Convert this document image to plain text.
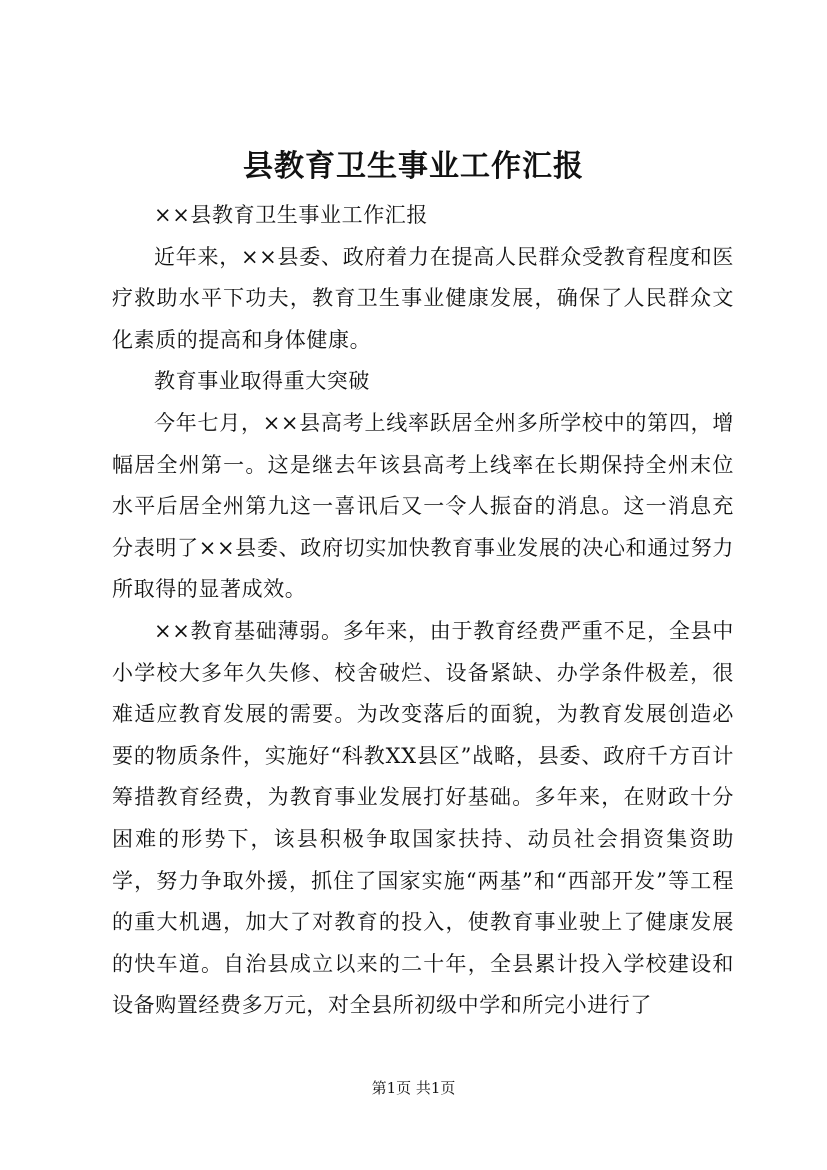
县教育卫生事业工作汇报

××县教育卫生事业工作汇报

近年来，××县委、政府着力在提高人民群众受教育程度和医疗救助水平下功夫，教育卫生事业健康发展，确保了人民群众文化素质的提高和身体健康。

教育事业取得重大突破

今年七月，××县高考上线率跃居全州多所学校中的第四，增幅居全州第一。这是继去年该县高考上线率在长期保持全州末位水平后居全州第九这一喜讯后又一令人振奋的消息。这一消息充分表明了××县委、政府切实加快教育事业发展的决心和通过努力所取得的显著成效。

××教育基础薄弱。多年来，由于教育经费严重不足，全县中小学校大多年久失修、校舍破烂、设备紧缺、办学条件极差，很难适应教育发展的需要。为改变落后的面貌，为教育发展创造必要的物质条件，实施好“科教XX县区”战略，县委、政府千方百计筹措教育经费，为教育事业发展打好基础。多年来，在财政十分困难的形势下，该县积极争取国家扶持、动员社会捐资集资助学，努力争取外援，抓住了国家实施“两基”和“西部开发”等工程的重大机遇，加大了对教育的投入，使教育事业驶上了健康发展的快车道。自治县成立以来的二十年，全县累计投入学校建设和设备购置经费多万元，对全县所初级中学和所完小进行了

第1页 共1页
